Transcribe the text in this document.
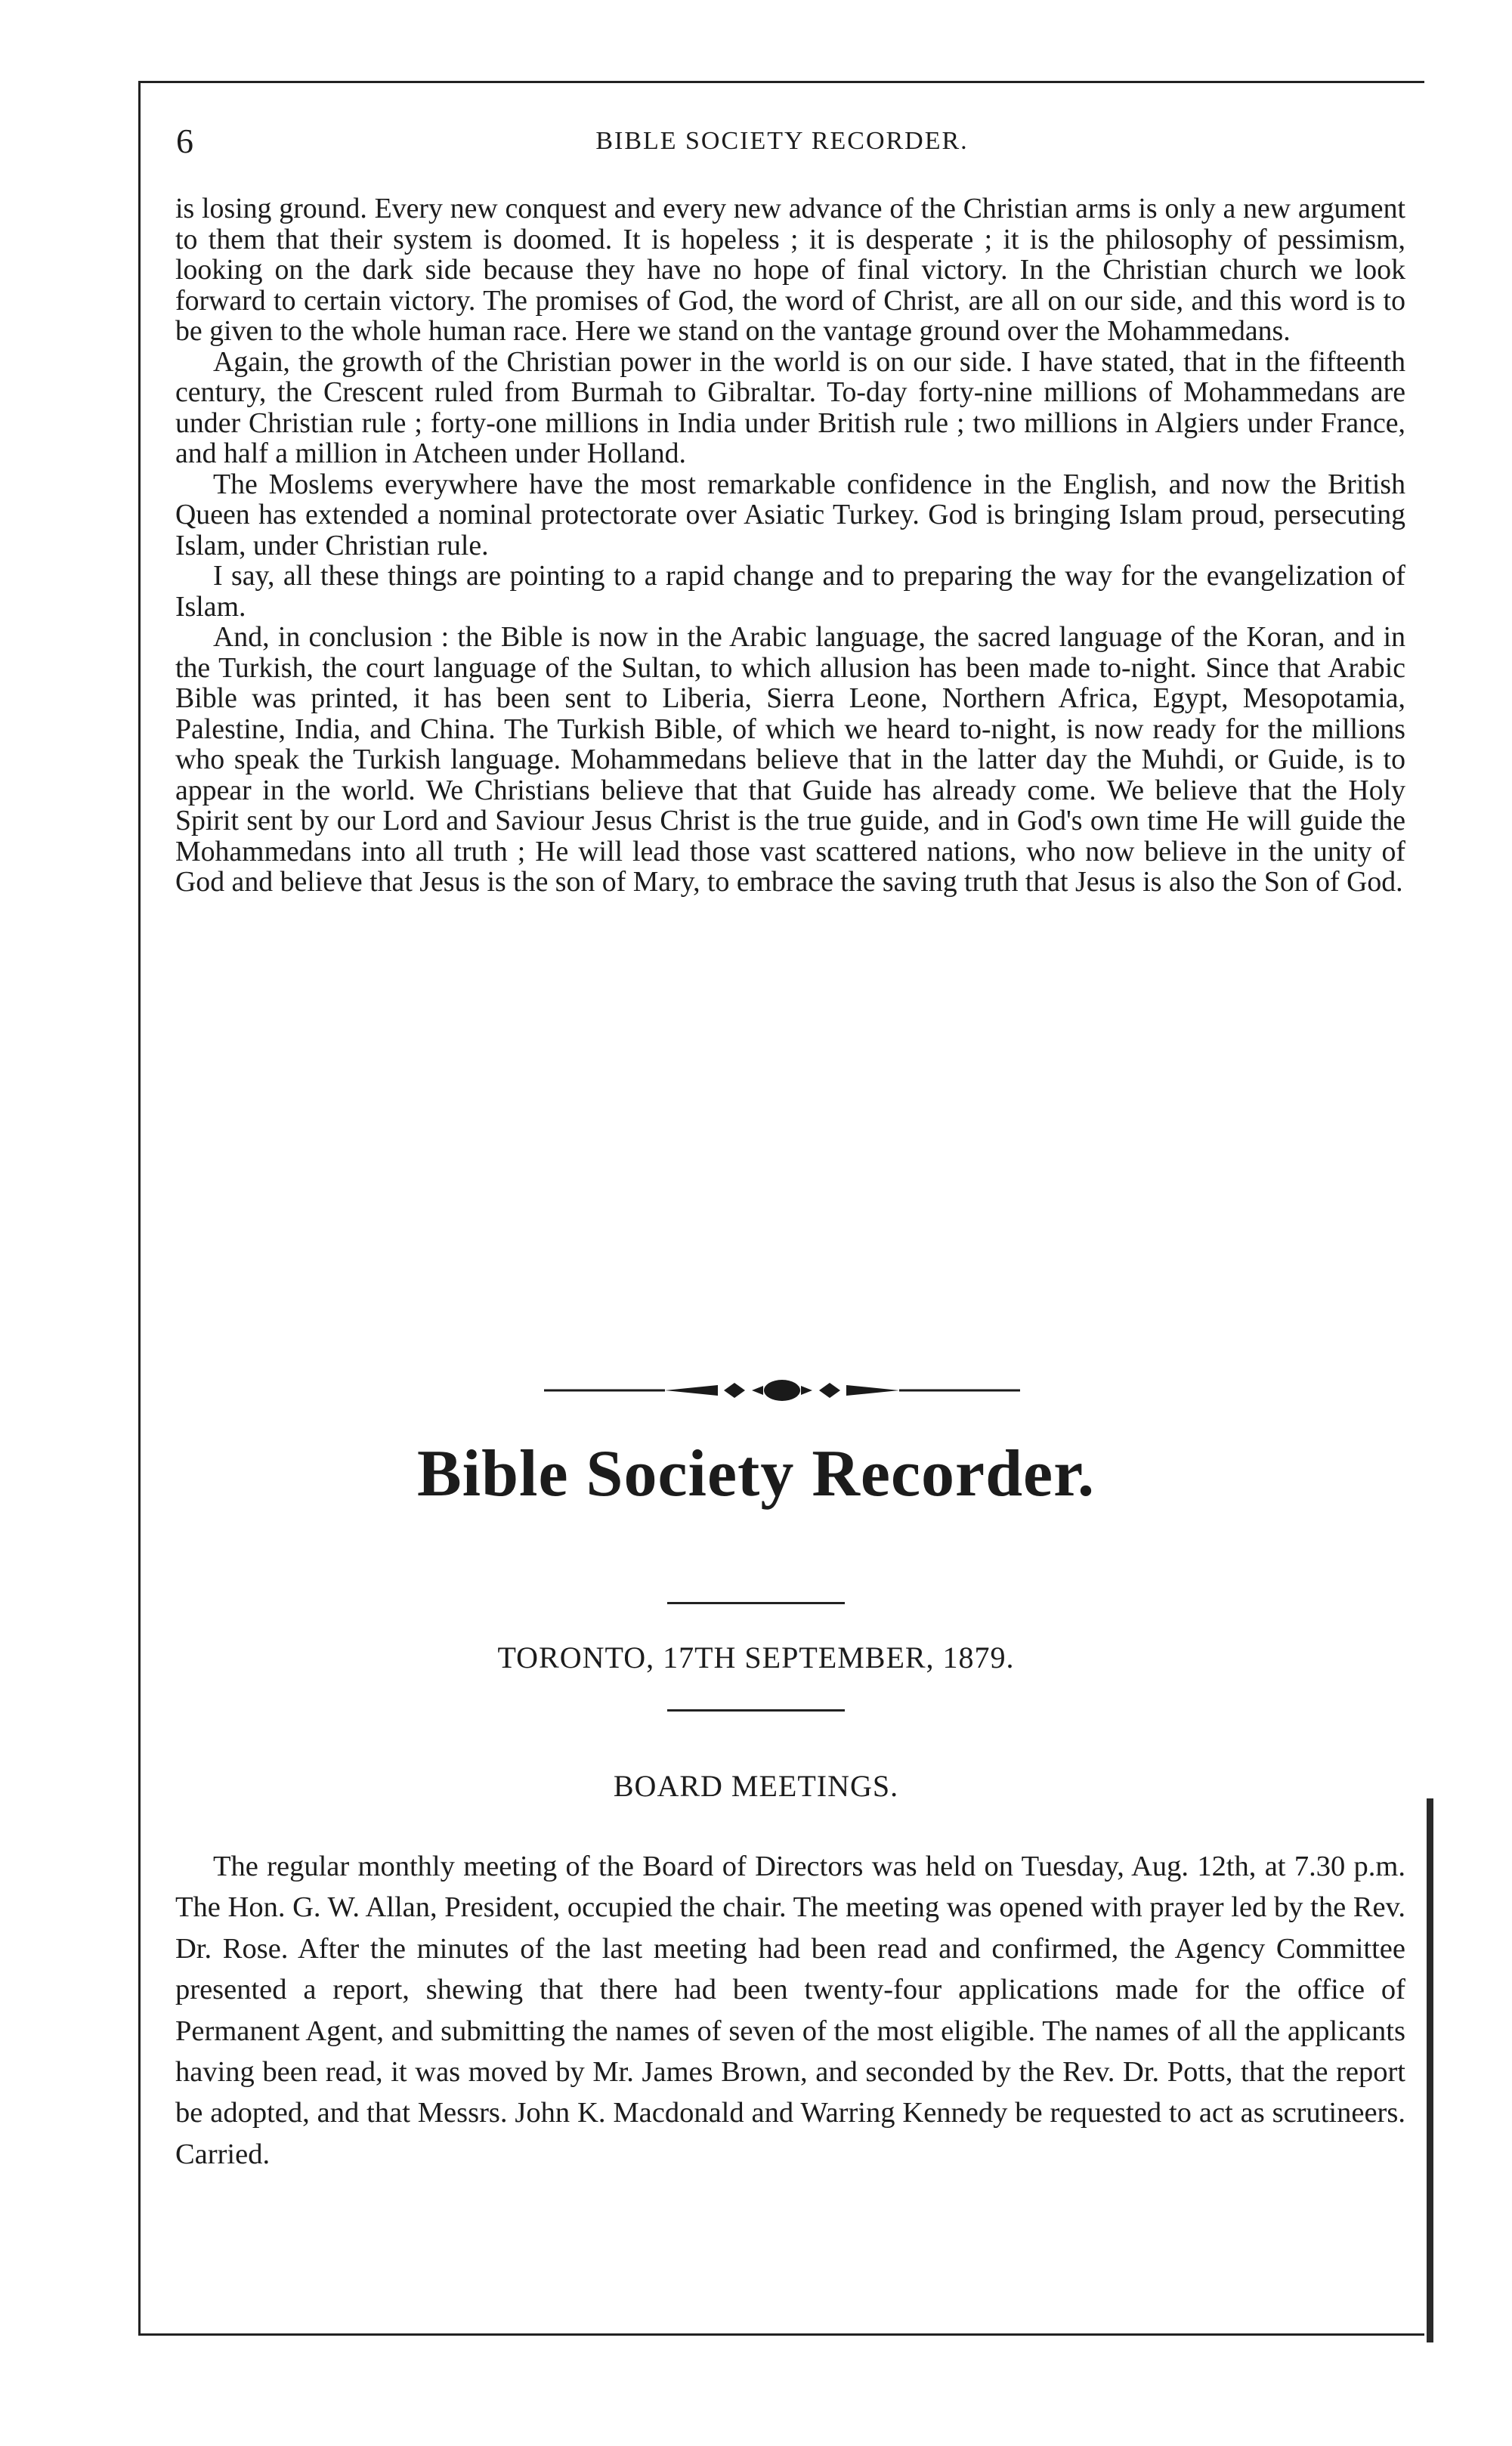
6	BIBLE SOCIETY RECORDER.

is losing ground. Every new conquest and every new advance of the Christian arms is only a new argument to them that their system is doomed. It is hopeless ; it is desperate ; it is the philosophy of pessimism, looking on the dark side because they have no hope of final victory. In the Christian church we look forward to certain victory. The promises of God, the word of Christ, are all on our side, and this word is to be given to the whole human race. Here we stand on the vantage ground over the Mohammedans.

Again, the growth of the Christian power in the world is on our side. I have stated, that in the fifteenth century, the Crescent ruled from Burmah to Gibraltar. To-day forty-nine millions of Mohammedans are under Christian rule ; forty-one millions in India under British rule ; two millions in Algiers under France, and half a million in Atcheen under Holland.

The Moslems everywhere have the most remarkable confidence in the English, and now the British Queen has extended a nominal protectorate over Asiatic Turkey. God is bringing Islam proud, persecuting Islam, under Christian rule.

I say, all these things are pointing to a rapid change and to preparing the way for the evangelization of Islam.

And, in conclusion : the Bible is now in the Arabic language, the sacred language of the Koran, and in the Turkish, the court language of the Sultan, to which allusion has been made to-night. Since that Arabic Bible was printed, it has been sent to Liberia, Sierra Leone, Northern Africa, Egypt, Mesopotamia, Palestine, India, and China. The Turkish Bible, of which we heard to-night, is now ready for the millions who speak the Turkish language. Mohammedans believe that in the latter day the Muhdi, or Guide, is to appear in the world. We Christians believe that that Guide has already come. We believe that the Holy Spirit sent by our Lord and Saviour Jesus Christ is the true guide, and in God's own time He will guide the Mohammedans into all truth ; He will lead those vast scattered nations, who now believe in the unity of God and believe that Jesus is the son of Mary, to embrace the saving truth that Jesus is also the Son of God.

Bible Society Recorder.
TORONTO, 17TH SEPTEMBER, 1879.
BOARD MEETINGS.

The regular monthly meeting of the Board of Directors was held on Tuesday, Aug. 12th, at 7.30 p.m. The Hon. G. W. Allan, President, occupied the chair. The meeting was opened with prayer led by the Rev. Dr. Rose. After the minutes of the last meeting had been read and confirmed, the Agency Committee presented a report, shewing that there had been twenty-four applications made for the office of Permanent Agent, and submitting the names of seven of the most eligible. The names of all the applicants having been read, it was moved by Mr. James Brown, and seconded by the Rev. Dr. Potts, that the report be adopted, and that Messrs. John K. Macdonald and Warring Kennedy be requested to act as scrutineers. Carried.
